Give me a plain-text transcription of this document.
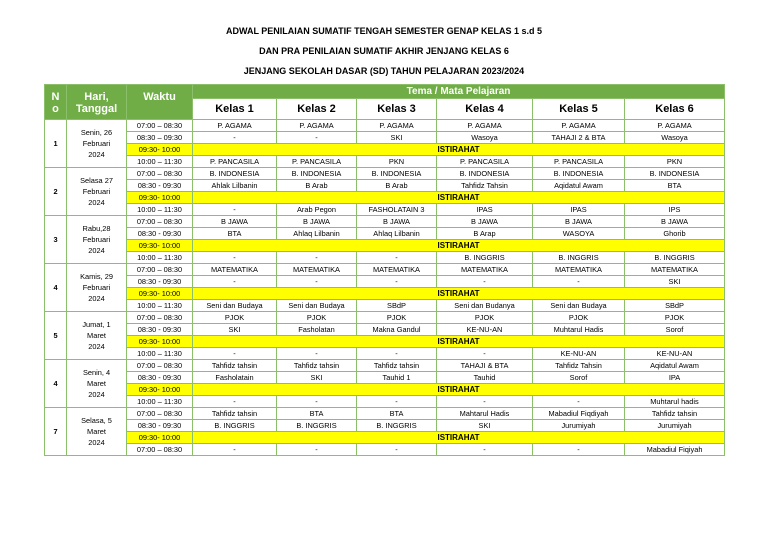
ADWAL PENILAIAN SUMATIF TENGAH SEMESTER GENAP KELAS 1 s.d 5
DAN PRA PENILAIAN SUMATIF AKHIR JENJANG KELAS 6
JENJANG SEKOLAH DASAR (SD) TAHUN PELAJARAN 2023/2024
N
o	Hari,
Tanggal	Waktu	Tema / Mata Pelajaran					
			Kelas 1	Kelas 2	Kelas 3	Kelas 4	Kelas 5	Kelas 6
1	Senin, 26
Februari
2024	07:00 – 08:30	P. AGAMA	P. AGAMA	P. AGAMA	P. AGAMA	P. AGAMA	P. AGAMA
		08:30 – 09:30	-	-	SKI	Wasoya	TAHAJI 2 & BTA	Wasoya
		09:30- 10:00	ISTIRAHAT					
		10:00 – 11:30	P. PANCASILA	P. PANCASILA	PKN	P. PANCASILA	P. PANCASILA	PKN
2	Selasa 27
Februari
2024	07:00 – 08:30	B. INDONESIA	B. INDONESIA	B. INDONESIA	B. INDONESIA	B. INDONESIA	B. INDONESIA
		08:30 - 09:30	Ahlak Lilbanin	B Arab	B Arab	Tahfidz Tahsin	Aqidatul Awam	BTA
		09:30- 10:00	ISTIRAHAT					
		10:00 – 11:30	-	Arab Pegon	FASHOLATAIN 3	IPAS	IPAS	IPS
3	Rabu,28
Februari
2024	07:00 – 08:30	B JAWA	B JAWA	B JAWA	B JAWA	B JAWA	B JAWA
		08:30 - 09:30	BTA	Ahlaq Lilbanin	Ahlaq Lilbanin	B Arap	WASOYA	Ghorib
		09:30- 10:00	ISTIRAHAT					
		10:00 – 11:30	-	-	-	B. INGGRIS	B. INGGRIS	B. INGGRIS
4	Kamis, 29
Februari
2024	07:00 – 08:30	MATEMATIKA	MATEMATIKA	MATEMATIKA	MATEMATIKA	MATEMATIKA	MATEMATIKA
		08:30 - 09:30	-	-	-	-	-	SKI
		09:30- 10:00	ISTIRAHAT					
		10:00 – 11:30	Seni dan Budaya	Seni dan Budaya	SBdP	Seni dan Budanya	Seni dan Budaya	SBdP
5	Jumat, 1
Maret
2024	07:00 – 08:30	PJOK	PJOK	PJOK	PJOK	PJOK	PJOK
		08:30 - 09:30	SKI	Fasholatan	Makna Gandul	KE-NU-AN	Muhtarul Hadis	Sorof
		09:30- 10:00	ISTIRAHAT					
		10:00 – 11:30	-	-	-	-	KE-NU-AN	KE-NU-AN
4	Senin, 4
Maret
2024	07:00 – 08:30	Tahfidz tahsin	Tahfidz tahsin	Tahfidz tahsin	TAHAJI & BTA	Tahfidz Tahsin	Aqidatul Awam
		08:30 - 09:30	Fasholatain	SKI	Tauhid 1	Tauhid	Sorof	IPA
		09:30- 10:00	ISTIRAHAT					
		10:00 – 11:30	-	-	-	-	-	Muhtarul hadis
7	Selasa, 5
Maret
2024	07:00 – 08:30	Tahfidz tahsin	BTA	BTA	Mahtarul Hadis	Mabadiul Fiqdiyah	Tahfidz tahsin
		08:30 - 09:30	B. INGGRIS	B. INGGRIS	B. INGGRIS	SKI	Jurumiyah	Jurumiyah
		09:30- 10:00	ISTIRAHAT					
		07:00 – 08:30	-	-	-	-	-	Mabadiul Fiqiyah
